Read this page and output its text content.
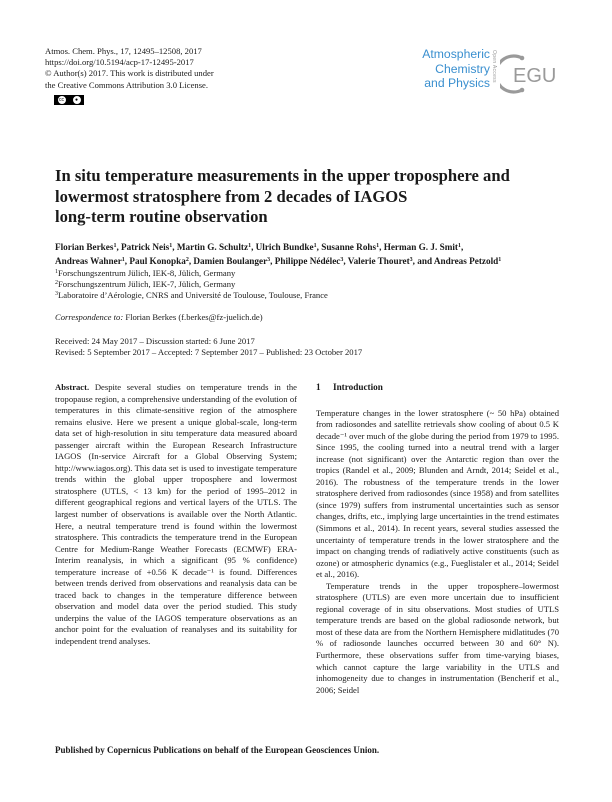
Atmos. Chem. Phys., 17, 12495–12508, 2017
https://doi.org/10.5194/acp-17-12495-2017
© Author(s) 2017. This work is distributed under
the Creative Commons Attribution 3.0 License.
cc	●
Atmospheric
Chemistry
and Physics
Open Access EGU
In situ temperature measurements in the upper troposphere and
lowermost stratosphere from 2 decades of IAGOS
long-term routine observation
Florian Berkes$^1$, Patrick Neis$^1$, Martin G. Schultz$^1$, Ulrich Bundke$^1$, Susanne Rohs$^1$, Herman G. J. Smit$^1$,
Andreas Wahner$^1$, Paul Konopka$^2$, Damien Boulanger$^3$, Philippe Nédélec$^3$, Valerie Thouret$^3$, and Andreas Petzold$^1$
$^1$Forschungszentrum Jülich, IEK-8, Jülich, Germany
$^2$Forschungszentrum Jülich, IEK-7, Jülich, Germany
$^3$Laboratoire d’Aérologie, CNRS and Université de Toulouse, Toulouse, France
Correspondence to: Florian Berkes (f.berkes@fz-juelich.de)
Received: 24 May 2017 – Discussion started: 6 June 2017
Revised: 5 September 2017 – Accepted: 7 September 2017 – Published: 23 October 2017

Abstract. Despite several studies on temperature trends in the tropopause region, a comprehensive understanding of the evolution of temperatures in this climate-sensitive region of the atmosphere remains elusive. Here we present a unique global-scale, long-term data set of high-resolution in situ temperature data measured aboard passenger aircraft within the European Research Infrastructure IAGOS (In-service Aircraft for a Global Observing System; http://www.iagos.org). This data set is used to investigate temperature trends within the global upper troposphere and lowermost stratosphere (UTLS, < 13 km) for the period of 1995–2012 in different geographical regions and vertical layers of the UTLS. The largest number of observations is available over the North Atlantic. Here, a neutral temperature trend is found within the lowermost stratosphere. This contradicts the temperature trend in the European Centre for Medium-Range Weather Forecasts (ECMWF) ERA-Interim reanalysis, in which a significant (95 % confidence) temperature increase of +0.56 K decade⁻¹ is found. Differences between trends derived from observations and reanalysis data can be traced back to changes in the temperature difference between observation and model data over the period studied. This study underpins the value of the IAGOS temperature observations as an anchor point for the evaluation of reanalyses and its suitability for independent trend analyses.

1 Introduction

Temperature changes in the lower stratosphere (~ 50 hPa) obtained from radiosondes and satellite retrievals show cooling of about 0.5 K decade⁻¹ over much of the globe during the period from 1979 to 1995. Since 1995, the cooling turned into a neutral trend with a larger increase (not significant) over the Antarctic region than over the tropics (Randel et al., 2009; Blunden and Arndt, 2014; Seidel et al., 2016). The robustness of the temperature trends in the lower stratosphere derived from radiosondes (since 1958) and from satellites (since 1979) suffers from instrumental uncertainties such as sensor changes, drifts, etc., implying large uncertainties in the trend estimates (Simmons et al., 2014). In recent years, several studies assessed the uncertainty of temperature trends in the lower stratosphere and the impact on changing trends of radiatively active constituents (such as ozone) or atmospheric dynamics (e.g., Fueglistaler et al., 2014; Seidel et al., 2016).

Temperature trends in the upper troposphere–lowermost stratosphere (UTLS) are even more uncertain due to insufficient regional coverage of in situ observations. Most studies of UTLS temperature trends are based on the global radiosonde network, but most of these data are from the Northern Hemisphere midlatitudes (70 % of radiosonde launches occurred between 30 and 60° N). Furthermore, these observations suffer from time-varying biases, which cannot capture the large variability in the UTLS and inhomogeneity due to changes in instrumentation (Bencherif et al., 2006; Seidel

Published by Copernicus Publications on behalf of the European Geosciences Union.
